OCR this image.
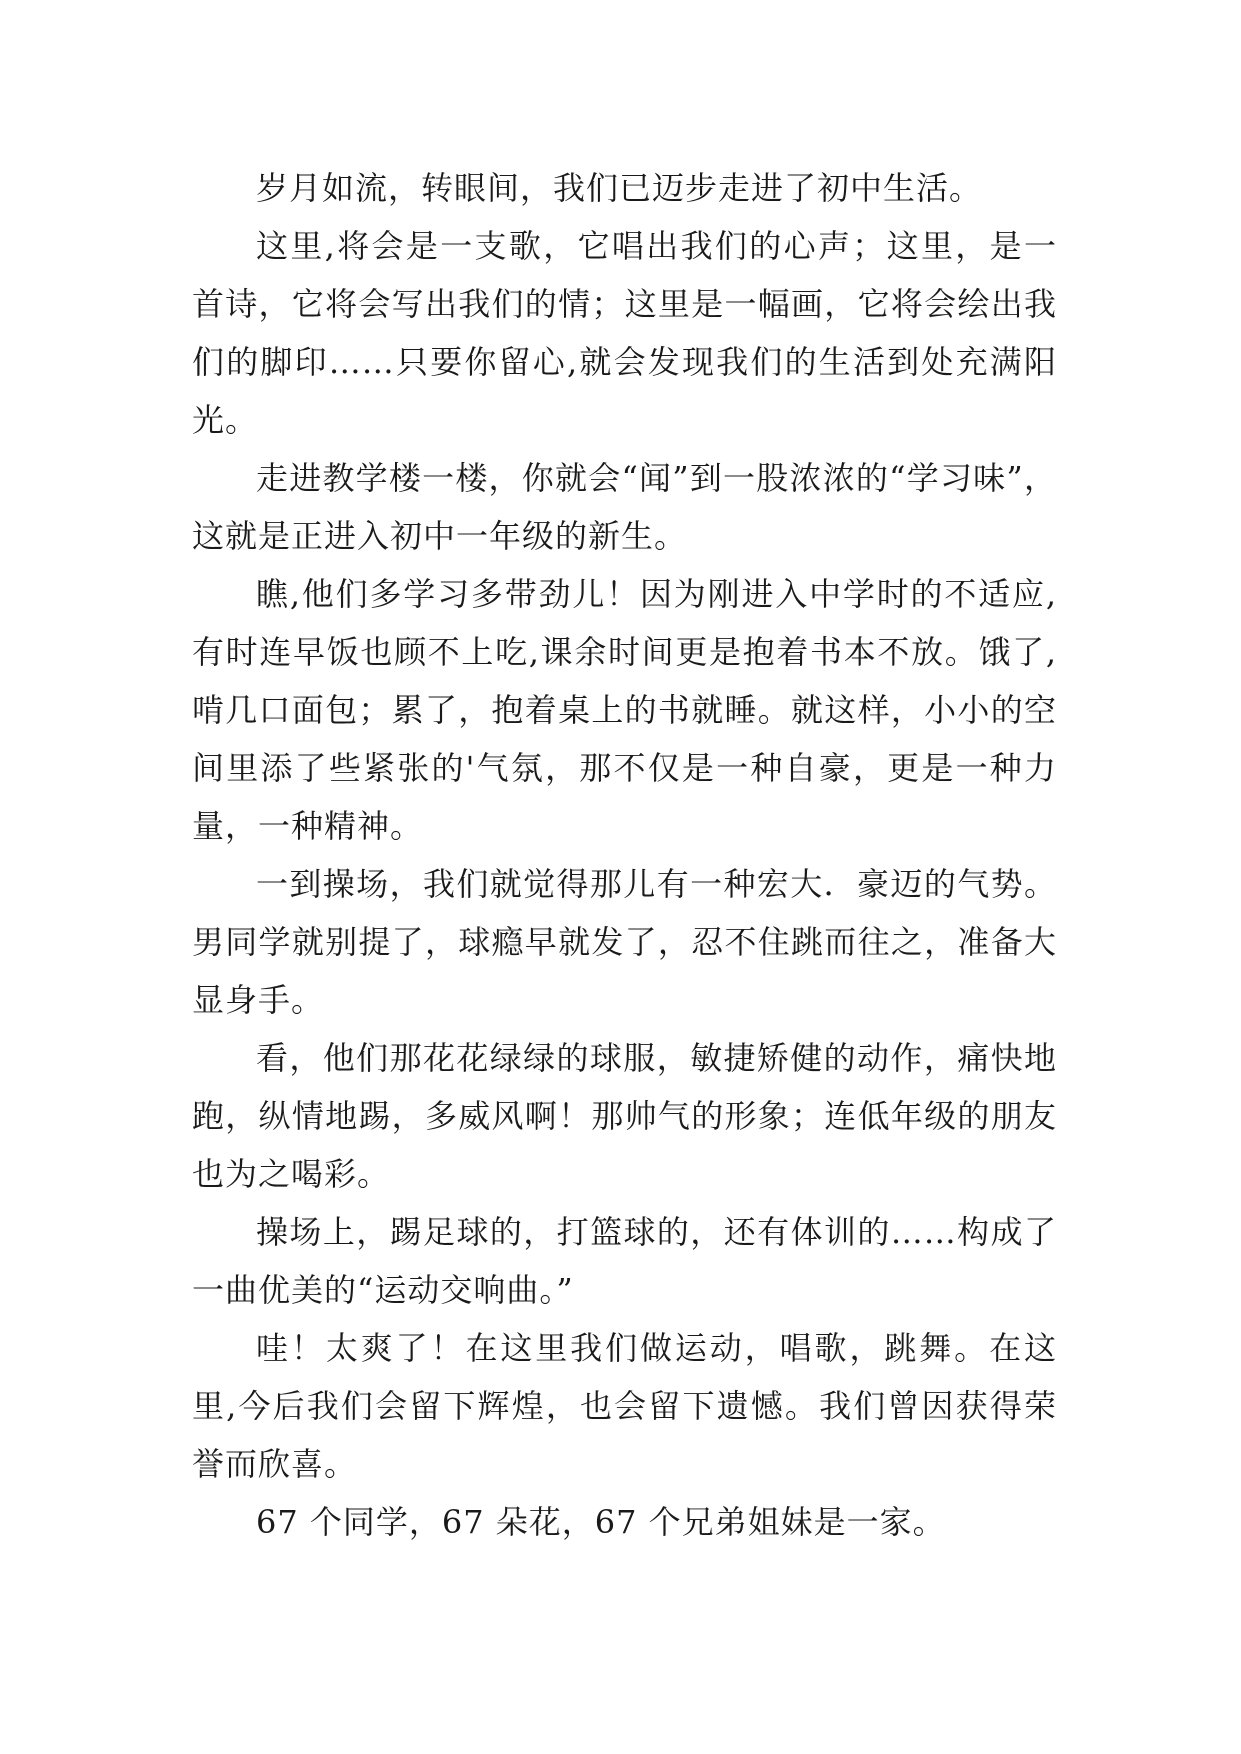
岁月如流，转眼间，我们已迈步走进了初中生活。

这里,将会是一支歌，它唱出我们的心声；这里，是一首诗，它将会写出我们的情；这里是一幅画，它将会绘出我们的脚印……只要你留心,就会发现我们的生活到处充满阳光。

走进教学楼一楼，你就会“闻”到一股浓浓的“学习味”，这就是正进入初中一年级的新生。

瞧,他们多学习多带劲儿！因为刚进入中学时的不适应,有时连早饭也顾不上吃,课余时间更是抱着书本不放。饿了,啃几口面包；累了，抱着桌上的书就睡。就这样，小小的空间里添了些紧张的'气氛，那不仅是一种自豪，更是一种力量，一种精神。

一到操场，我们就觉得那儿有一种宏大．豪迈的气势。男同学就别提了，球瘾早就发了，忍不住跳而往之，准备大显身手。

看，他们那花花绿绿的球服，敏捷矫健的动作，痛快地跑，纵情地踢，多威风啊！那帅气的形象；连低年级的朋友也为之喝彩。

操场上，踢足球的，打篮球的，还有体训的……构成了一曲优美的“运动交响曲。”

哇！太爽了！在这里我们做运动，唱歌，跳舞。在这里,今后我们会留下辉煌，也会留下遗憾。我们曾因获得荣誉而欣喜。

67 个同学，67 朵花，67 个兄弟姐妹是一家。
